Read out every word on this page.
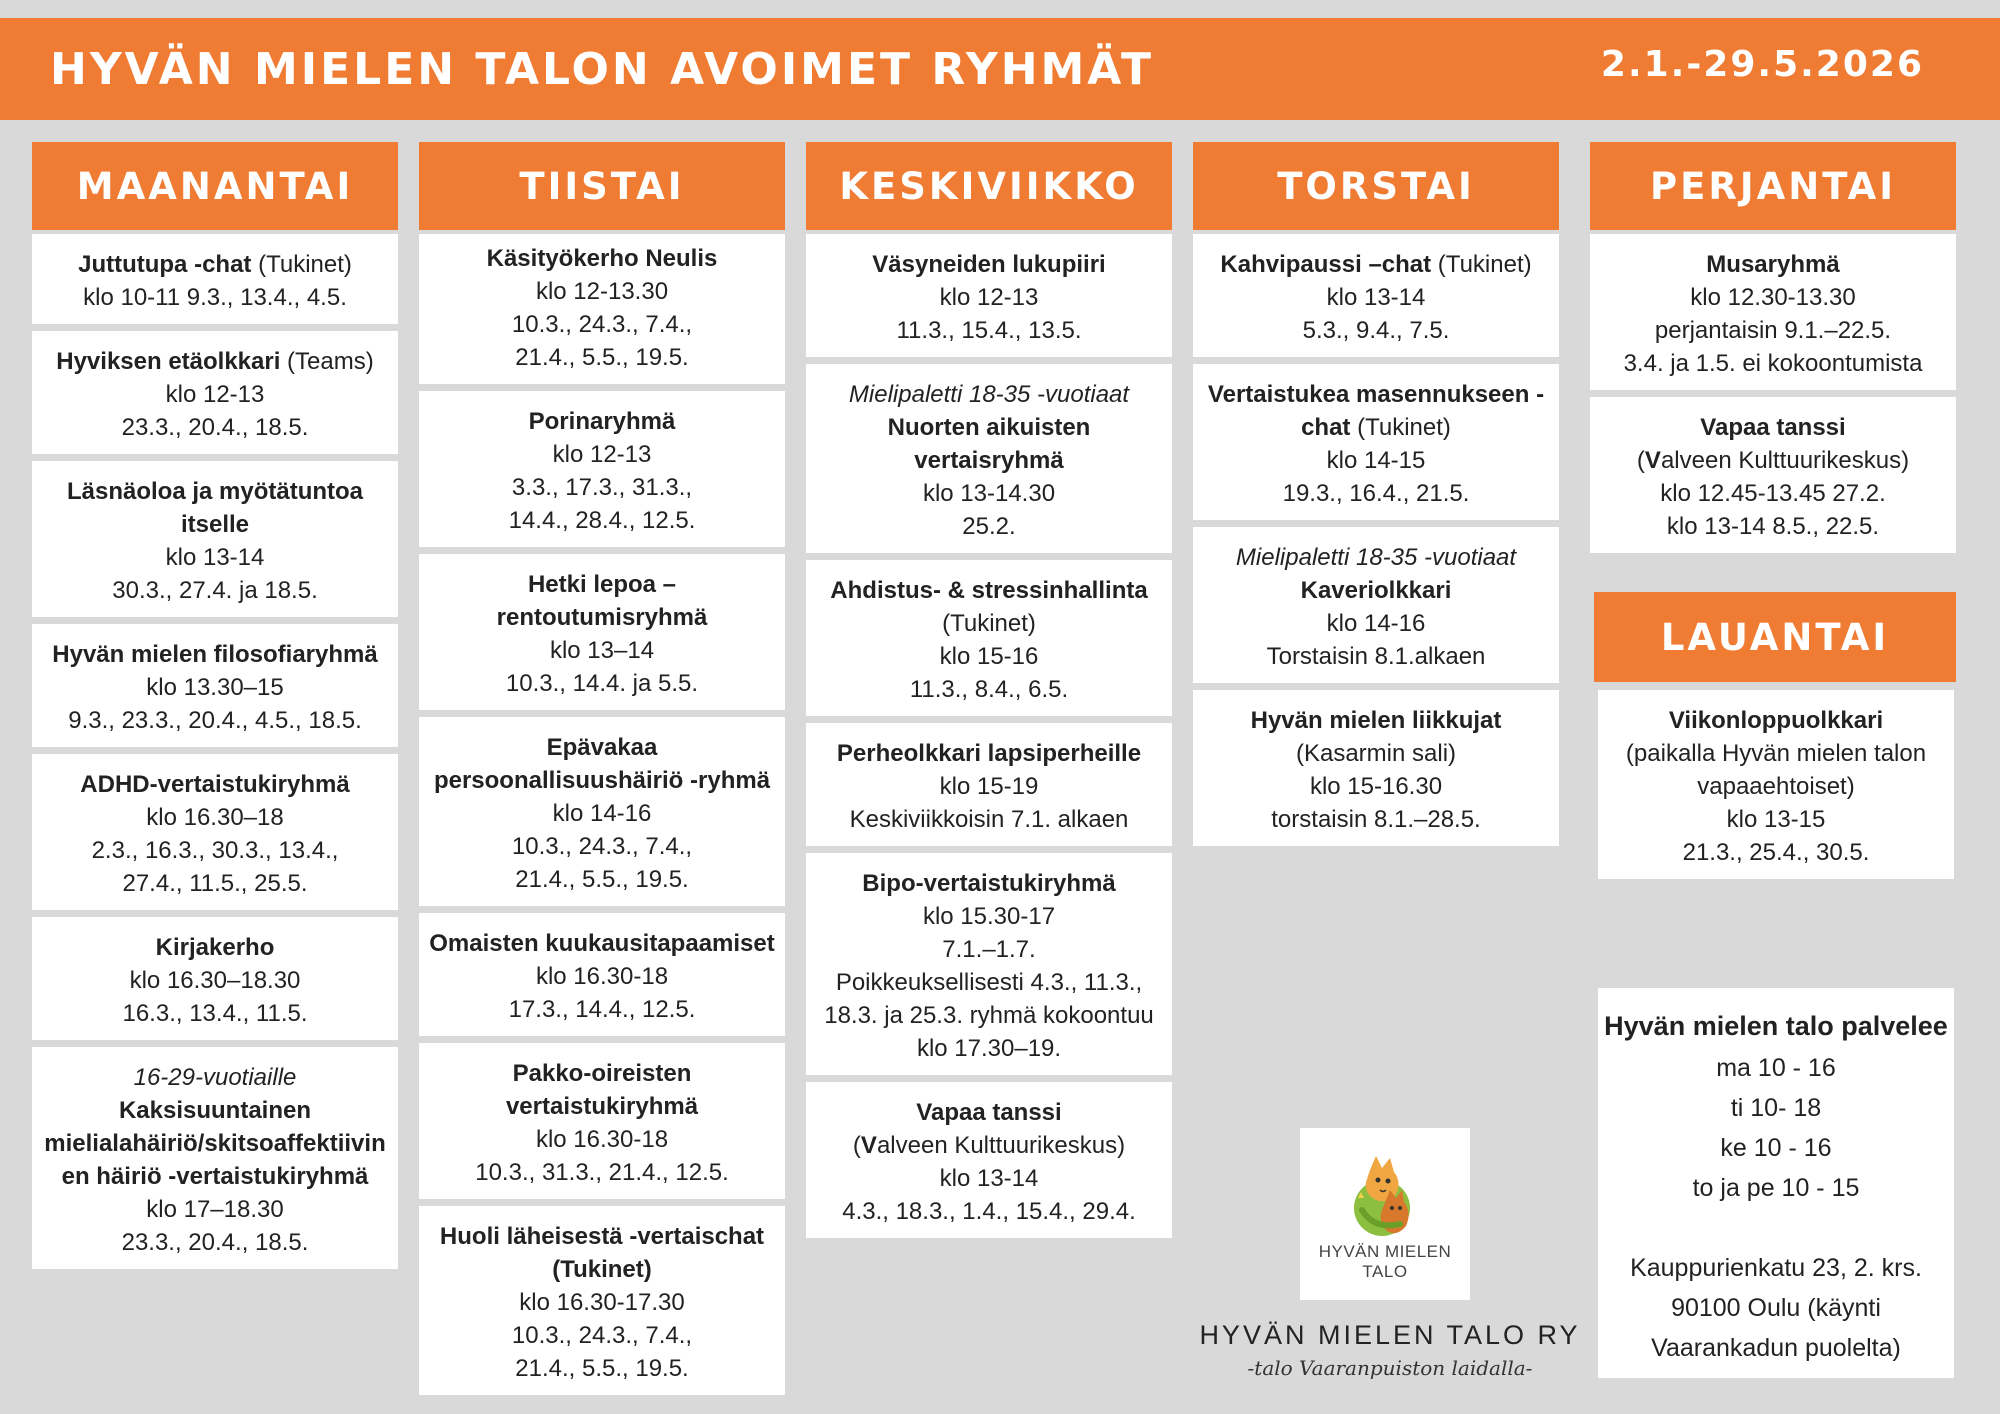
HYVÄN MIELEN TALON AVOIMET RYHMÄT	2.1.-29.5.2026
MAANANTAI
Juttutupa -chat (Tukinet)
klo 10-11 9.3., 13.4., 4.5.
Hyviksen etäolkkari (Teams)
klo 12-13
23.3., 20.4., 18.5.
Läsnäoloa ja myötätuntoa
itselle
klo 13-14
30.3., 27.4. ja 18.5.
Hyvän mielen filosofiaryhmä
klo 13.30–15
9.3., 23.3., 20.4., 4.5., 18.5.
ADHD-vertaistukiryhmä
klo 16.30–18
2.3., 16.3., 30.3., 13.4.,
27.4., 11.5., 25.5.
Kirjakerho
klo 16.30–18.30
16.3., 13.4., 11.5.
16-29-vuotiaille
Kaksisuuntainen
mielialahäiriö/skitsoaffektiivin
en häiriö -vertaistukiryhmä
klo 17–18.30
23.3., 20.4., 18.5.
TIISTAI
Käsityökerho Neulis
klo 12-13.30
10.3., 24.3., 7.4.,
21.4., 5.5., 19.5.
Porinaryhmä
klo 12-13
3.3., 17.3., 31.3.,
14.4., 28.4., 12.5.
Hetki lepoa –
rentoutumisryhmä
klo 13–14
10.3., 14.4. ja 5.5.
Epävakaa
persoonallisuushäiriö -ryhmä
klo 14-16
10.3., 24.3., 7.4.,
21.4., 5.5., 19.5.
Omaisten kuukausitapaamiset
klo 16.30-18
17.3., 14.4., 12.5.
Pakko-oireisten
vertaistukiryhmä
klo 16.30-18
10.3., 31.3., 21.4., 12.5.
Huoli läheisestä -vertaischat
(Tukinet)
klo 16.30-17.30
10.3., 24.3., 7.4.,
21.4., 5.5., 19.5.
KESKIVIIKKO
Väsyneiden lukupiiri
klo 12-13
11.3., 15.4., 13.5.
Mielipaletti 18-35 -vuotiaat
Nuorten aikuisten
vertaisryhmä
klo 13-14.30
25.2.
Ahdistus- & stressinhallinta
(Tukinet)
klo 15-16
11.3., 8.4., 6.5.
Perheolkkari lapsiperheille
klo 15-19
Keskiviikkoisin 7.1. alkaen
Bipo-vertaistukiryhmä
klo 15.30-17
7.1.–1.7.
Poikkeuksellisesti 4.3., 11.3.,
18.3. ja 25.3. ryhmä kokoontuu
klo 17.30–19.
Vapaa tanssi
(Valveen Kulttuurikeskus)
klo 13-14
4.3., 18.3., 1.4., 15.4., 29.4.
TORSTAI
Kahvipaussi –chat (Tukinet)
klo 13-14
5.3., 9.4., 7.5.
Vertaistukea masennukseen -
chat (Tukinet)
klo 14-15
19.3., 16.4., 21.5.
Mielipaletti 18-35 -vuotiaat
Kaveriolkkari
klo 14-16
Torstaisin 8.1.alkaen
Hyvän mielen liikkujat
(Kasarmin sali)
klo 15-16.30
torstaisin 8.1.–28.5.
PERJANTAI
Musaryhmä
klo 12.30-13.30
perjantaisin 9.1.–22.5.
3.4. ja 1.5. ei kokoontumista
Vapaa tanssi
(Valveen Kulttuurikeskus)
klo 12.45-13.45 27.2.
klo 13-14 8.5., 22.5.
LAUANTAI
Viikonloppuolkkari
(paikalla Hyvän mielen talon
vapaaehtoiset)
klo 13-15
21.3., 25.4., 30.5.
Hyvän mielen talo palvelee
ma 10 - 16
ti 10- 18
ke 10 - 16
to ja pe 10 - 15
Kauppurienkatu 23, 2. krs.
90100 Oulu (käynti
Vaarankadun puolelta)
HYVÄN MIELEN TALO
HYVÄN MIELEN TALO RY
-talo Vaaranpuiston laidalla-
